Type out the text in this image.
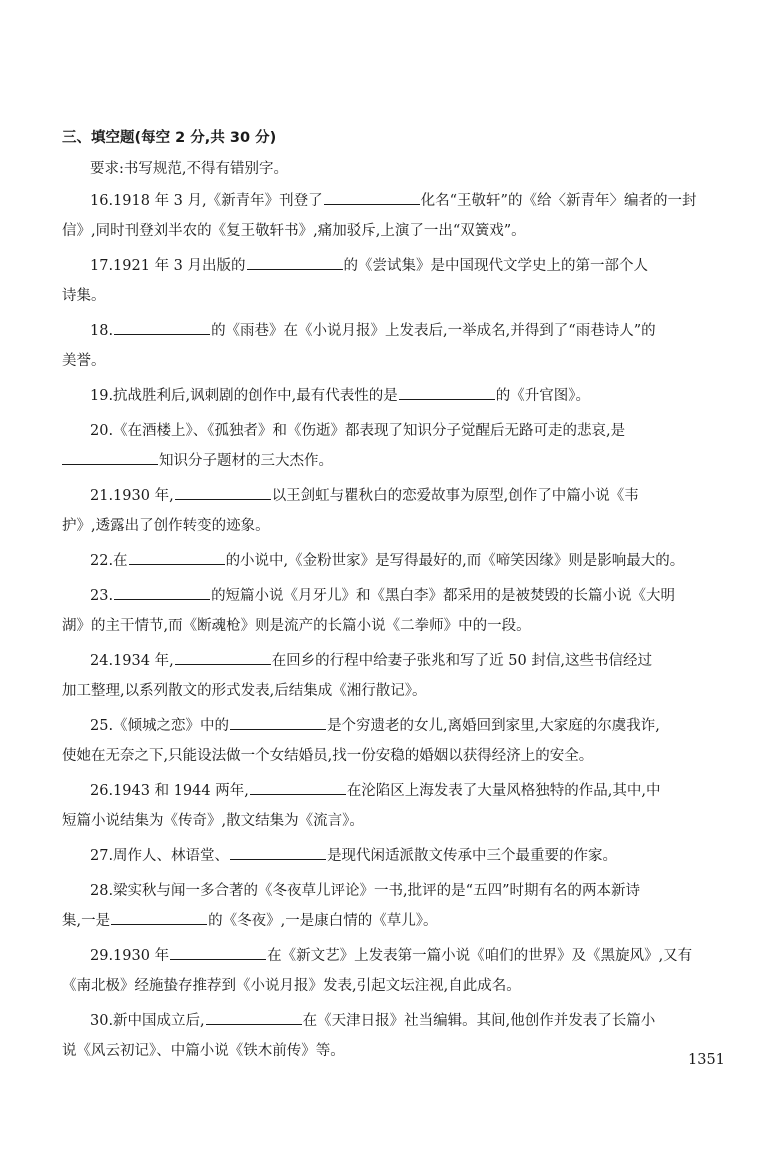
三、填空题(每空 2 分,共 30 分)

要求:书写规范,不得有错别字。

16.1918 年 3 月,《新青年》刊登了	化名“王敬轩”的《给〈新青年〉编者的一封
信》,同时刊登刘半农的《复王敬轩书》,痛加驳斥,上演了一出“双簧戏”。
17.1921 年 3 月出版的	的《尝试集》是中国现代文学史上的第一部个人
诗集。
18.	的《雨巷》在《小说月报》上发表后,一举成名,并得到了“雨巷诗人”的
美誉。
19.抗战胜利后,讽刺剧的创作中,最有代表性的是	的《升官图》。
20.《在酒楼上》、《孤独者》和《伤逝》都表现了知识分子觉醒后无路可走的悲哀,是
知识分子题材的三大杰作。
21.1930 年,	以王剑虹与瞿秋白的恋爱故事为原型,创作了中篇小说《韦
护》,透露出了创作转变的迹象。
22.在	的小说中,《金粉世家》是写得最好的,而《啼笑因缘》则是影响最大的。
23.	的短篇小说《月牙儿》和《黑白李》都采用的是被焚毁的长篇小说《大明
湖》的主干情节,而《断魂枪》则是流产的长篇小说《二拳师》中的一段。
24.1934 年,	在回乡的行程中给妻子张兆和写了近 50 封信,这些书信经过
加工整理,以系列散文的形式发表,后结集成《湘行散记》。
25.《倾城之恋》中的	是个穷遗老的女儿,离婚回到家里,大家庭的尔虞我诈,
使她在无奈之下,只能设法做一个女结婚员,找一份安稳的婚姻以获得经济上的安全。
26.1943 和 1944 两年,	在沦陷区上海发表了大量风格独特的作品,其中,中
短篇小说结集为《传奇》,散文结集为《流言》。
27.周作人、林语堂、	是现代闲适派散文传承中三个最重要的作家。
28.梁实秋与闻一多合著的《冬夜草儿评论》一书,批评的是“五四”时期有名的两本新诗
集,一是	的《冬夜》,一是康白情的《草儿》。
29.1930 年	在《新文艺》上发表第一篇小说《咱们的世界》及《黑旋风》,又有
《南北极》经施蛰存推荐到《小说月报》发表,引起文坛注视,自此成名。
30.新中国成立后,	在《天津日报》社当编辑。其间,他创作并发表了长篇小
说《风云初记》、中篇小说《铁木前传》等。
1351
